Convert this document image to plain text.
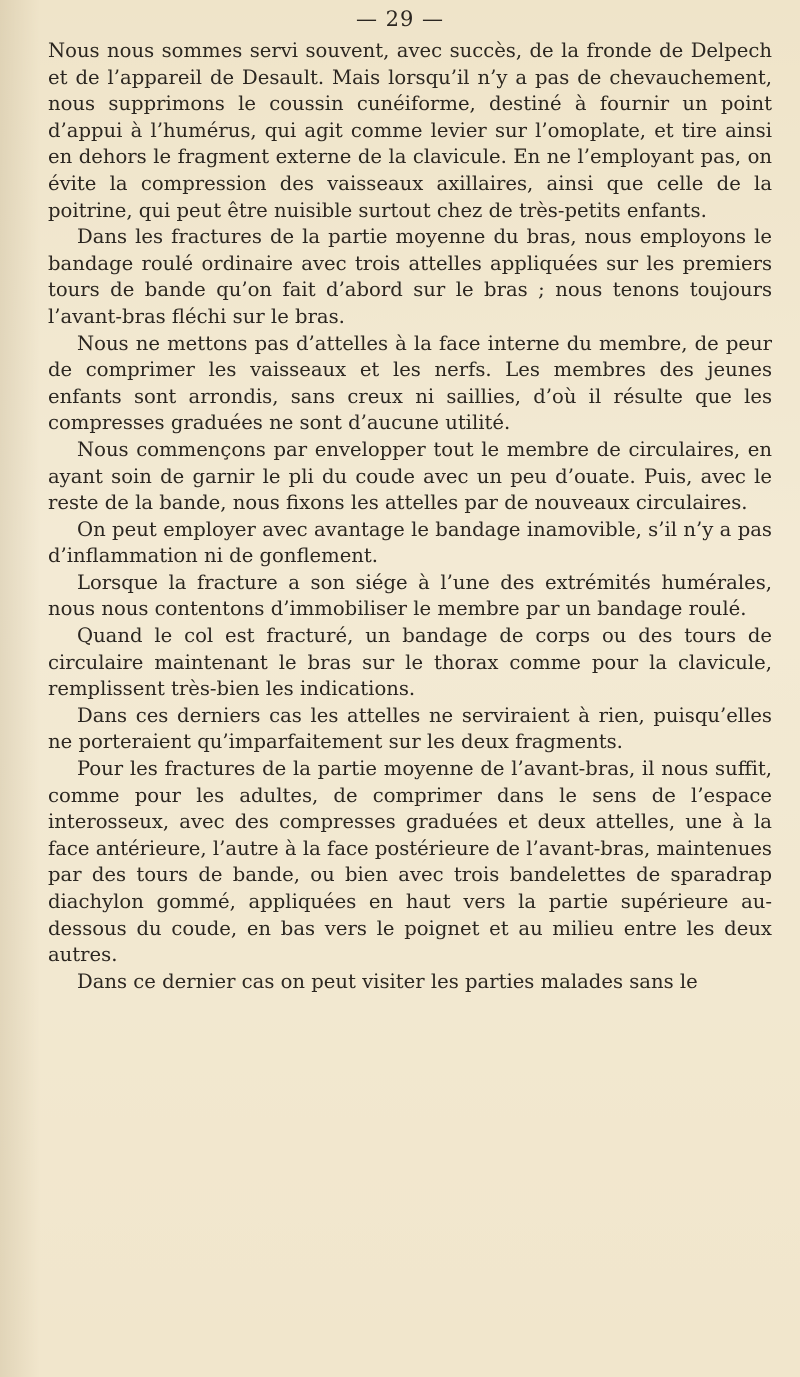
— 29 —

Nous nous sommes servi souvent, avec succès, de la fronde de Delpech et de l’appareil de Desault. Mais lorsqu’il n’y a pas de chevauchement, nous supprimons le coussin cunéiforme, destiné à fournir un point d’appui à l’humérus, qui agit comme levier sur l’omoplate, et tire ainsi en dehors le fragment externe de la clavicule. En ne l’employant pas, on évite la compression des vaisseaux axillaires, ainsi que celle de la poitrine, qui peut être nuisible surtout chez de très-petits enfants.

Dans les fractures de la partie moyenne du bras, nous employons le bandage roulé ordinaire avec trois attelles appliquées sur les premiers tours de bande qu’on fait d’abord sur le bras ; nous tenons toujours l’avant-bras fléchi sur le bras.

Nous ne mettons pas d’attelles à la face interne du membre, de peur de comprimer les vaisseaux et les nerfs. Les membres des jeunes enfants sont arrondis, sans creux ni saillies, d’où il résulte que les compresses graduées ne sont d’aucune utilité.

Nous commençons par envelopper tout le membre de circulaires, en ayant soin de garnir le pli du coude avec un peu d’ouate. Puis, avec le reste de la bande, nous fixons les attelles par de nouveaux circulaires.

On peut employer avec avantage le bandage inamovible, s’il n’y a pas d’inflammation ni de gonflement.

Lorsque la fracture a son siége à l’une des extrémités humérales, nous nous contentons d’immobiliser le membre par un bandage roulé.

Quand le col est fracturé, un bandage de corps ou des tours de circulaire maintenant le bras sur le thorax comme pour la clavicule, remplissent très-bien les indications.

Dans ces derniers cas les attelles ne serviraient à rien, puisqu’elles ne porteraient qu’imparfaitement sur les deux fragments.

Pour les fractures de la partie moyenne de l’avant-bras, il nous suffit, comme pour les adultes, de comprimer dans le sens de l’espace interosseux, avec des compresses graduées et deux attelles, une à la face antérieure, l’autre à la face postérieure de l’avant-bras, maintenues par des tours de bande, ou bien avec trois bandelettes de sparadrap diachylon gommé, appliquées en haut vers la partie supérieure au-dessous du coude, en bas vers le poignet et au milieu entre les deux autres.

Dans ce dernier cas on peut visiter les parties malades sans le
